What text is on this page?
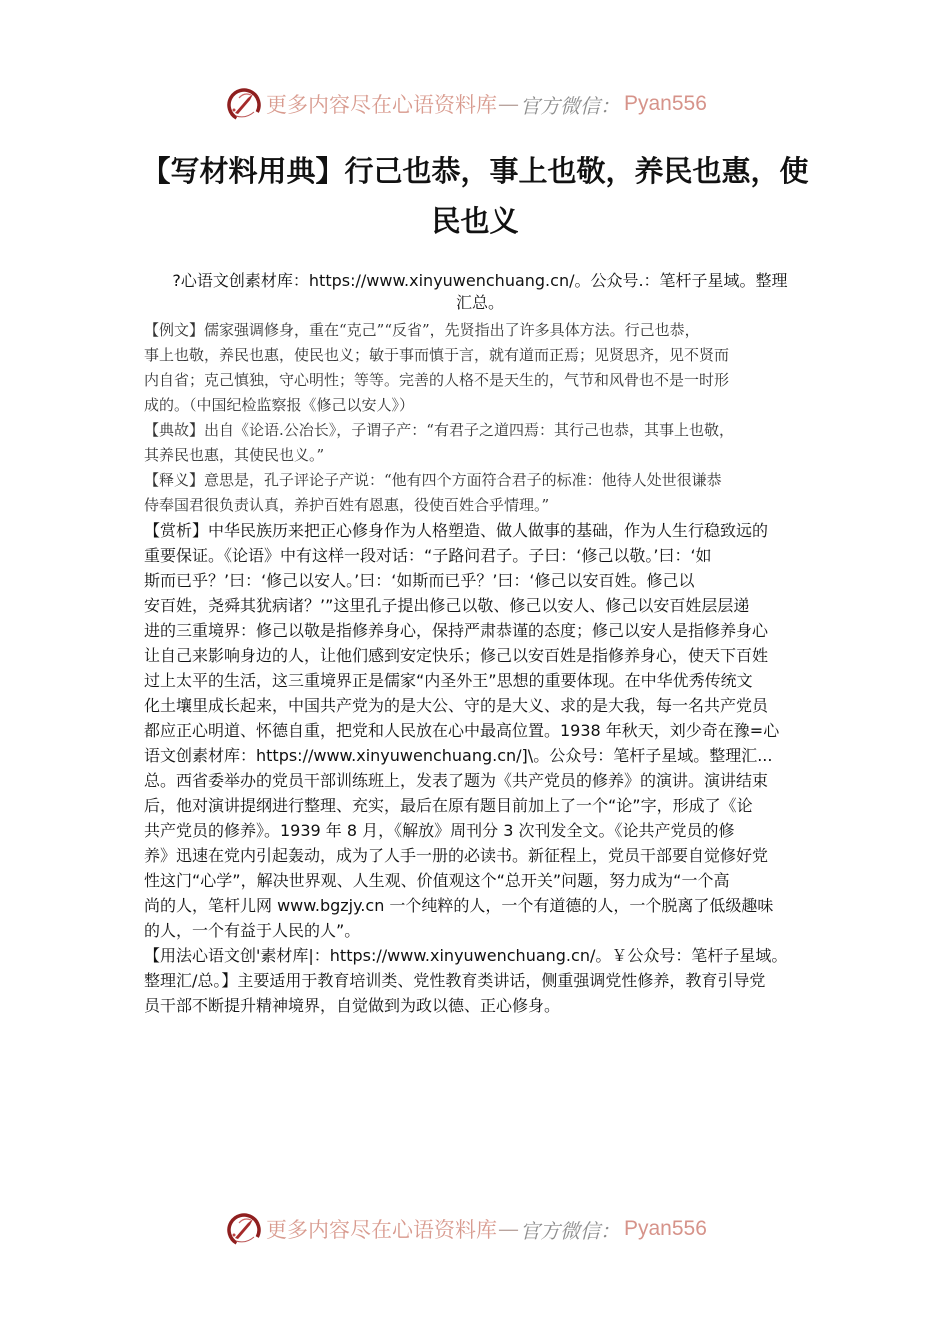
更多内容尽在心语资料库 — 官方微信： Pyan556
【写材料用典】行己也恭，事上也敬，养民也惠，使
民也义
?心语文创素材库：https://www.xinyuwenchuang.cn/。公众号.：笔杆子星域。整理
汇总。
【例文】儒家强调修身，重在“克己”“反省”，先贤指出了许多具体方法。行己也恭，
事上也敬，养民也惠，使民也义；敏于事而慎于言，就有道而正焉；见贤思齐，见不贤而
内自省；克己慎独，守心明性；等等。完善的人格不是天生的，气节和风骨也不是一时形
成的。（中国纪检监察报《修己以安人》）
【典故】出自《论语.公冶长》，子谓子产：“有君子之道四焉：其行己也恭，其事上也敬，
其养民也惠，其使民也义。”
【释义】意思是，孔子评论子产说：“他有四个方面符合君子的标准：他待人处世很谦恭
侍奉国君很负责认真，养护百姓有恩惠，役使百姓合乎情理。”
【赏析】中华民族历来把正心修身作为人格塑造、做人做事的基础，作为人生行稳致远的
重要保证。《论语》中有这样一段对话：“子路问君子。子曰：‘修己以敬。’曰：‘如
斯而已乎？’曰：‘修己以安人。’曰：‘如斯而已乎？’曰：‘修己以安百姓。修己以
安百姓，尧舜其犹病诸？’”这里孔子提出修己以敬、修己以安人、修己以安百姓层层递
进的三重境界：修己以敬是指修养身心，保持严肃恭谨的态度；修己以安人是指修养身心
让自己来影响身边的人，让他们感到安定快乐；修己以安百姓是指修养身心，使天下百姓
过上太平的生活，这三重境界正是儒家“内圣外王”思想的重要体现。在中华优秀传统文
化土壤里成长起来，中国共产党为的是大公、守的是大义、求的是大我，每一名共产党员
都应正心明道、怀德自重，把党和人民放在心中最高位置。1938 年秋天，刘少奇在豫=心
语文创素材库：https://www.xinyuwenchuang.cn/]\。公众号：笔杆子星域。整理汇...
总。西省委举办的党员干部训练班上，发表了题为《共产党员的修养》的演讲。演讲结束
后，他对演讲提纲进行整理、充实，最后在原有题目前加上了一个“论”字，形成了《论
共产党员的修养》。1939 年 8 月，《解放》周刊分 3 次刊发全文。《论共产党员的修
养》迅速在党内引起轰动，成为了人手一册的必读书。新征程上，党员干部要自觉修好党
性这门“心学”，解决世界观、人生观、价值观这个“总开关”问题，努力成为“一个高
尚的人，笔杆儿网 www.bgzjy.cn 一个纯粹的人，一个有道德的人，一个脱离了低级趣味
的人，一个有益于人民的人”。
【用法心语文创'素材库|：https://www.xinyuwenchuang.cn/。￥公众号：笔杆子星域。
整理汇/总。】主要适用于教育培训类、党性教育类讲话，侧重强调党性修养，教育引导党
员干部不断提升精神境界，自觉做到为政以德、正心修身。
更多内容尽在心语资料库 — 官方微信： Pyan556
